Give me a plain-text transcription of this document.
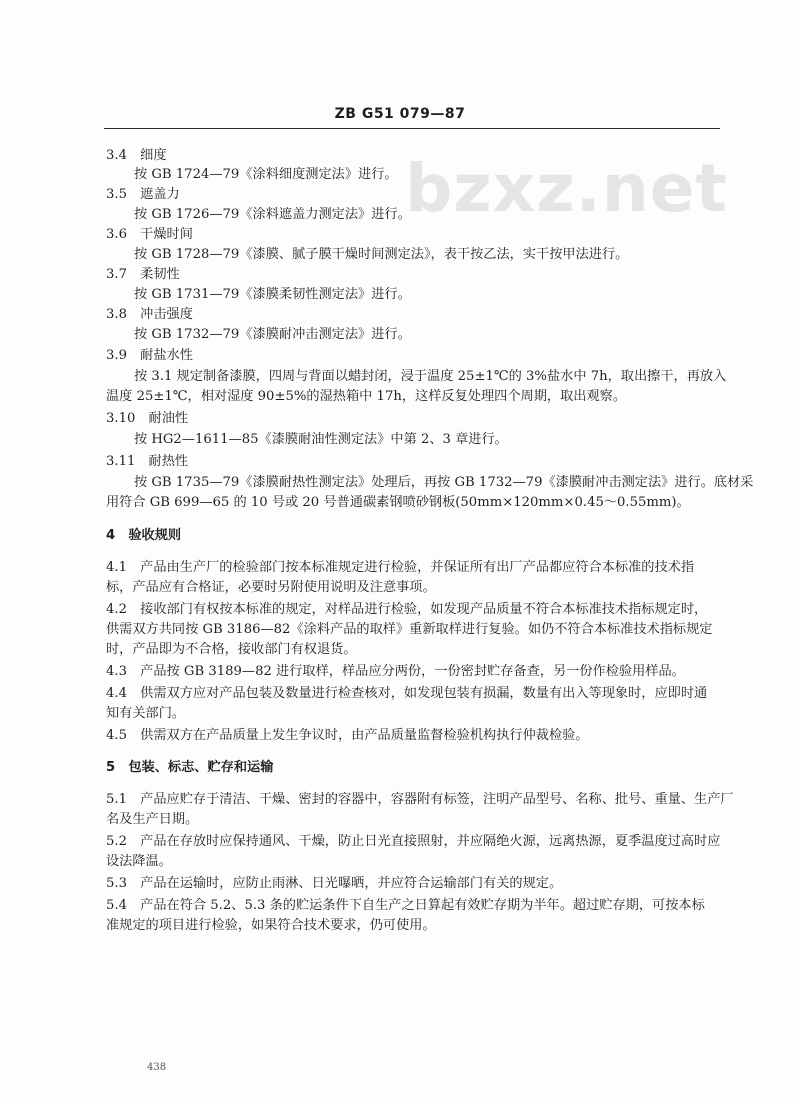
ZB G51 079—87
bzxz.net
3.4　细度
按 GB 1724—79《涂料细度测定法》进行。
3.5　遮盖力
按 GB 1726—79《涂料遮盖力测定法》进行。
3.6　干燥时间
按 GB 1728—79《漆膜、腻子膜干燥时间测定法》，表干按乙法，实干按甲法进行。
3.7　柔韧性
按 GB 1731—79《漆膜柔韧性测定法》进行。
3.8　冲击强度
按 GB 1732—79《漆膜耐冲击测定法》进行。
3.9　耐盐水性
按 3.1 规定制备漆膜，四周与背面以蜡封闭，浸于温度 25±1℃的 3%盐水中 7h，取出擦干，再放入
温度 25±1℃，相对湿度 90±5%的湿热箱中 17h，这样反复处理四个周期，取出观察。
3.10　耐油性
按 HG2—1611—85《漆膜耐油性测定法》中第 2、3 章进行。
3.11　耐热性
按 GB 1735—79《漆膜耐热性测定法》处理后，再按 GB 1732—79《漆膜耐冲击测定法》进行。底材采
用符合 GB 699—65 的 10 号或 20 号普通碳素钢喷砂钢板(50mm×120mm×0.45～0.55mm)。
4　验收规则
4.1　产品由生产厂的检验部门按本标准规定进行检验，并保证所有出厂产品都应符合本标准的技术指
标，产品应有合格证，必要时另附使用说明及注意事项。
4.2　接收部门有权按本标准的规定，对样品进行检验，如发现产品质量不符合本标准技术指标规定时，
供需双方共同按 GB 3186—82《涂料产品的取样》重新取样进行复验。如仍不符合本标准技术指标规定
时，产品即为不合格，接收部门有权退货。
4.3　产品按 GB 3189—82 进行取样，样品应分两份，一份密封贮存备查，另一份作检验用样品。
4.4　供需双方应对产品包装及数量进行检查核对，如发现包装有损漏，数量有出入等现象时，应即时通
知有关部门。
4.5　供需双方在产品质量上发生争议时，由产品质量监督检验机构执行仲裁检验。
5　包装、标志、贮存和运输
5.1　产品应贮存于清洁、干燥、密封的容器中，容器附有标签，注明产品型号、名称、批号、重量、生产厂
名及生产日期。
5.2　产品在存放时应保持通风、干燥，防止日光直接照射，并应隔绝火源，远离热源，夏季温度过高时应
设法降温。
5.3　产品在运输时，应防止雨淋、日光曝晒，并应符合运输部门有关的规定。
5.4　产品在符合 5.2、5.3 条的贮运条件下自生产之日算起有效贮存期为半年。超过贮存期，可按本标
准规定的项目进行检验，如果符合技术要求，仍可使用。
438
